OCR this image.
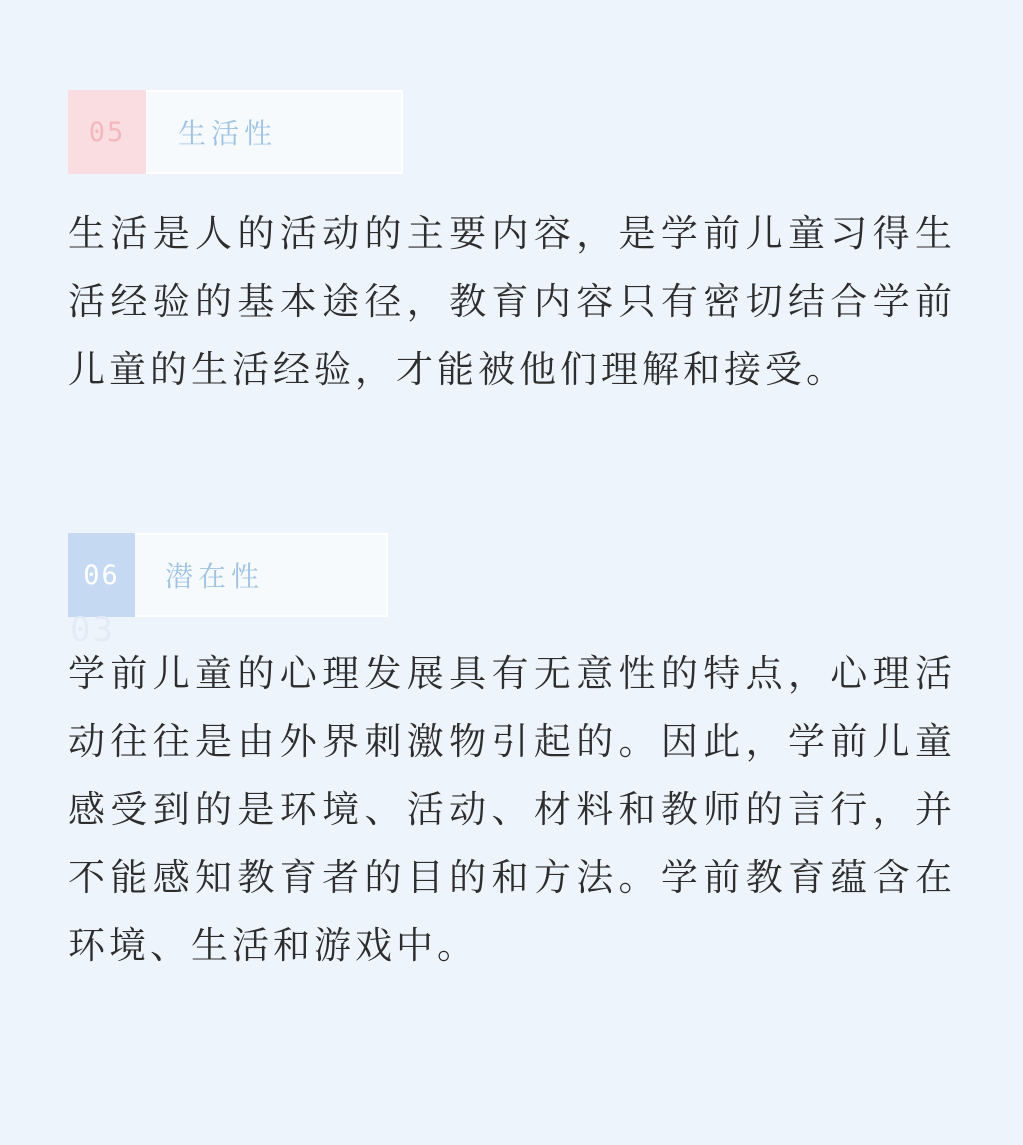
05 生活性
生活是人的活动的主要内容，是学前儿童习得生活经验的基本途径，教育内容只有密切结合学前儿童的生活经验，才能被他们理解和接受。
06 潜在性
03
学前儿童的心理发展具有无意性的特点，心理活动往往是由外界刺激物引起的。因此，学前儿童感受到的是环境、活动、材料和教师的言行，并不能感知教育者的目的和方法。学前教育蕴含在环境、生活和游戏中。
